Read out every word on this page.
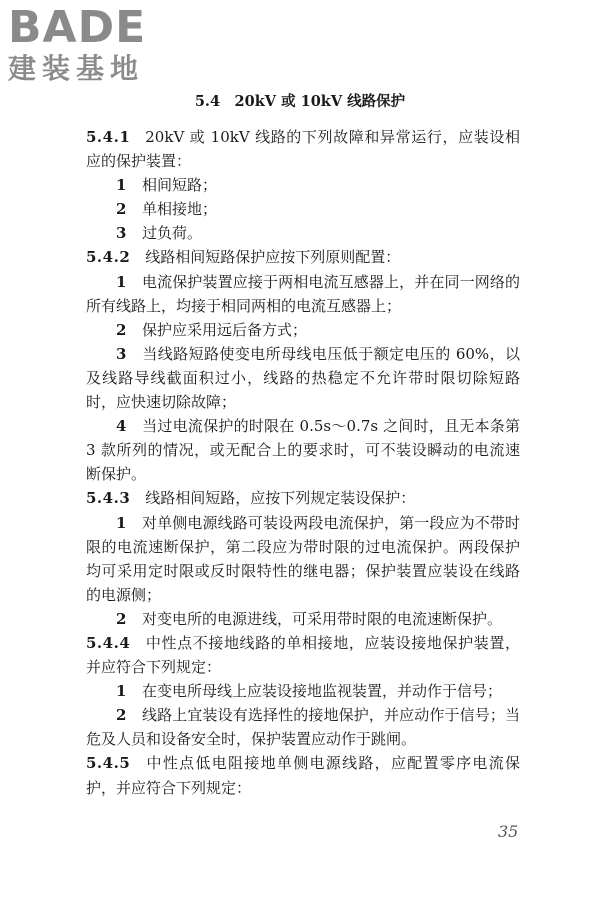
BADE
建装基地
5.4　20kV 或 10kV 线路保护

5.4.1  20kV 或 10kV 线路的下列故障和异常运行，应装设相应的保护装置：

1  相间短路；

2  单相接地；

3  过负荷。

5.4.2  线路相间短路保护应按下列原则配置：

1  电流保护装置应接于两相电流互感器上，并在同一网络的所有线路上，均接于相同两相的电流互感器上；

2  保护应采用远后备方式；

3  当线路短路使变电所母线电压低于额定电压的 60%，以及线路导线截面积过小，线路的热稳定不允许带时限切除短路时，应快速切除故障；

4  当过电流保护的时限在 0.5s～0.7s 之间时，且无本条第 3 款所列的情况，或无配合上的要求时，可不装设瞬动的电流速断保护。

5.4.3  线路相间短路，应按下列规定装设保护：

1  对单侧电源线路可装设两段电流保护，第一段应为不带时限的电流速断保护，第二段应为带时限的过电流保护。两段保护均可采用定时限或反时限特性的继电器；保护装置应装设在线路的电源侧；

2  对变电所的电源进线，可采用带时限的电流速断保护。

5.4.4  中性点不接地线路的单相接地，应装设接地保护装置，并应符合下列规定：

1  在变电所母线上应装设接地监视装置，并动作于信号；

2  线路上宜装设有选择性的接地保护，并应动作于信号；当危及人员和设备安全时，保护装置应动作于跳闸。

5.4.5  中性点低电阻接地单侧电源线路，应配置零序电流保护，并应符合下列规定：

35
